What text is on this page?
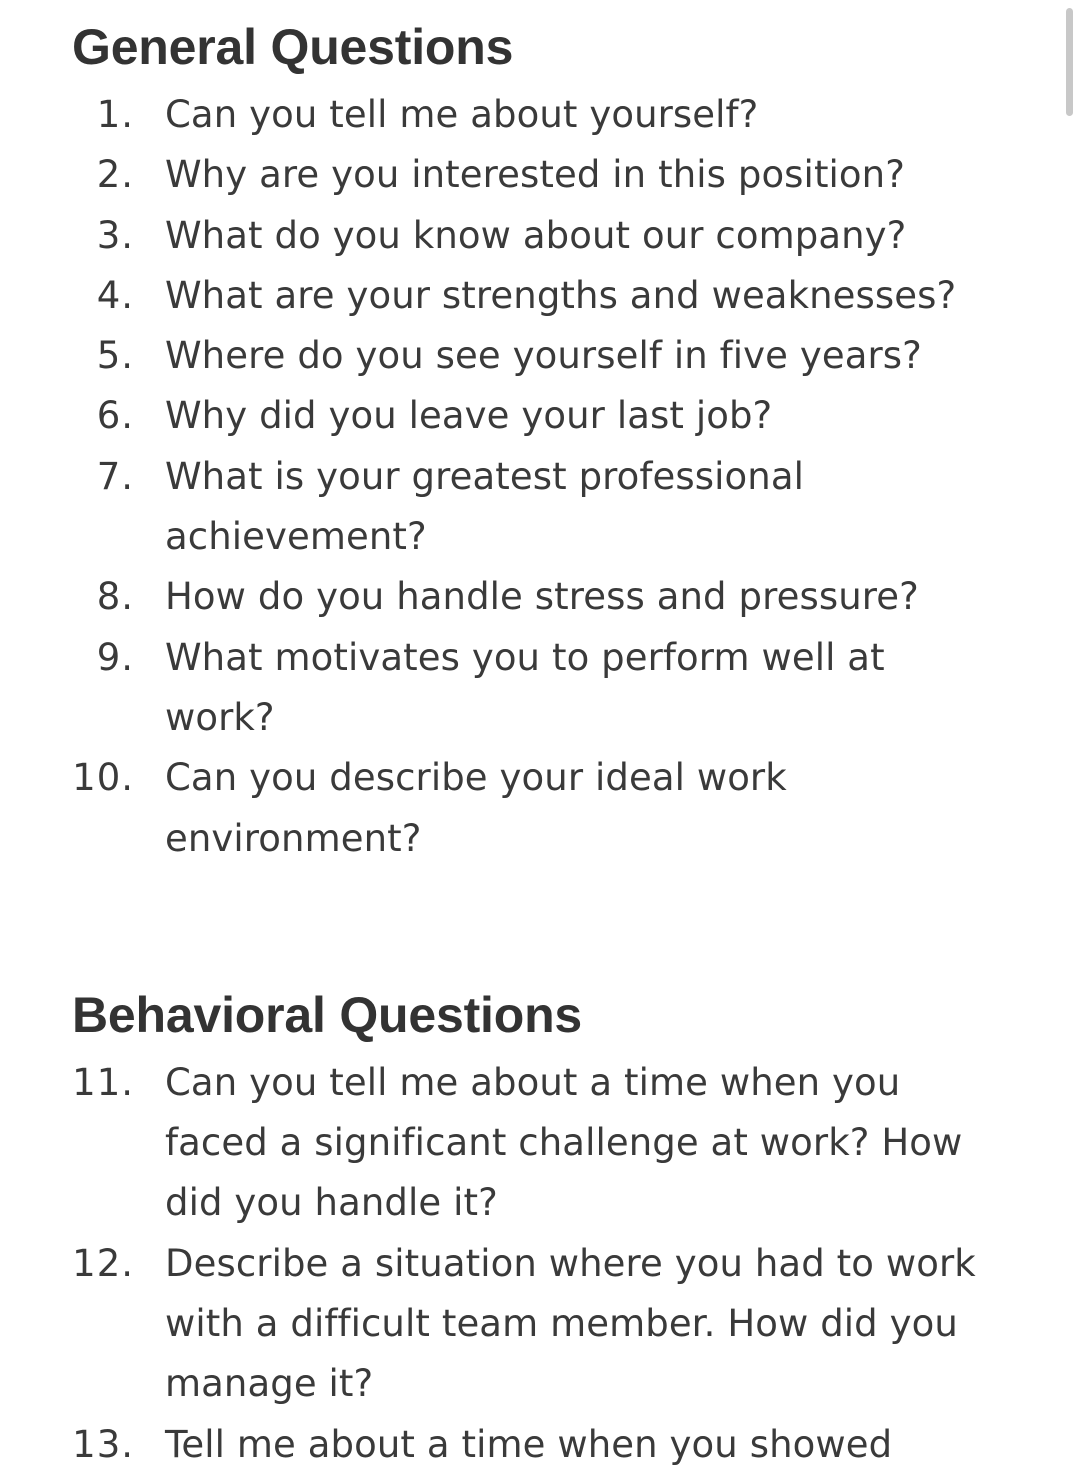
General Questions
1. Can you tell me about yourself?
2. Why are you interested in this position?
3. What do you know about our company?
4. What are your strengths and weaknesses?
5. Where do you see yourself in five years?
6. Why did you leave your last job?
7. What is your greatest professional achievement?
8. How do you handle stress and pressure?
9. What motivates you to perform well at work?
10. Can you describe your ideal work environment?
Behavioral Questions
11. Can you tell me about a time when you faced a significant challenge at work? How did you handle it?
12. Describe a situation where you had to work with a difficult team member. How did you manage it?
13. Tell me about a time when you showed
